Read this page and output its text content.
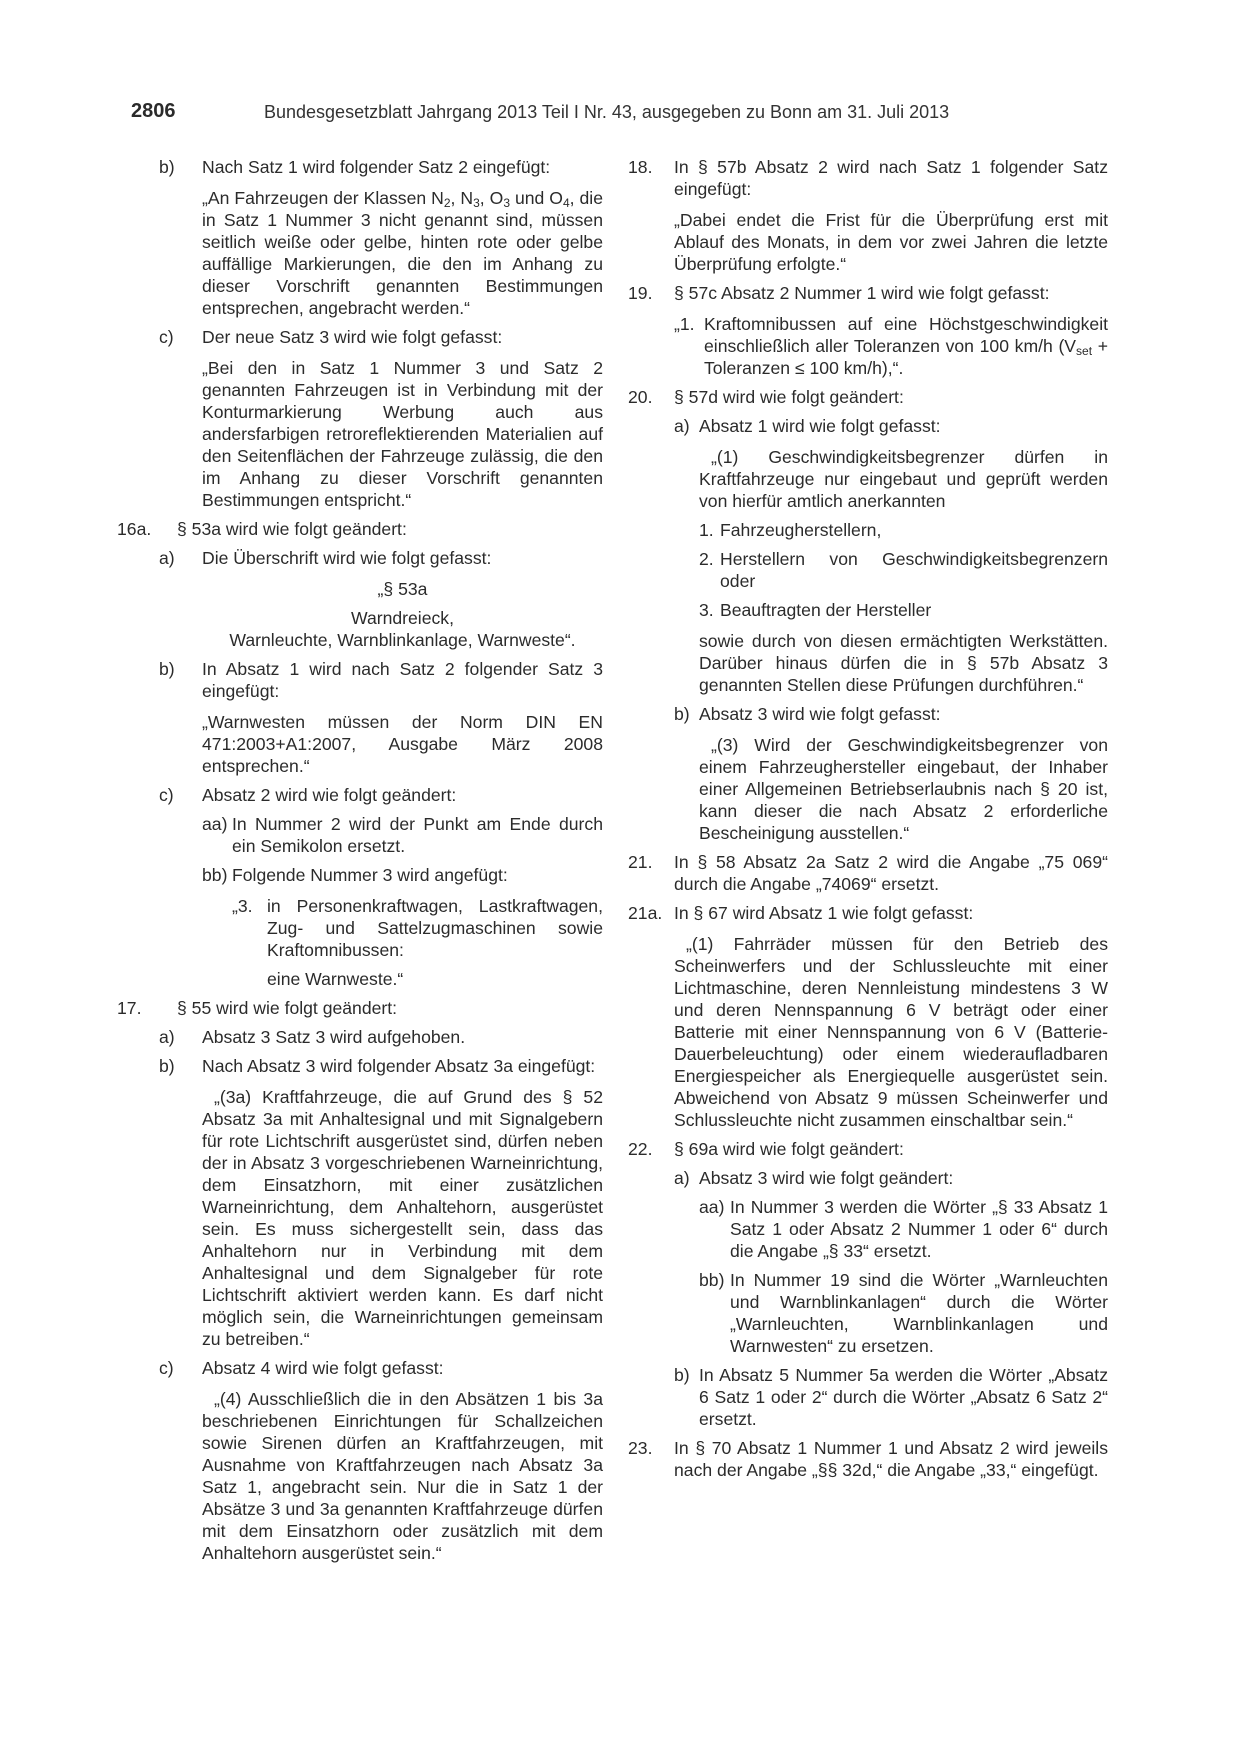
2806	Bundesgesetzblatt Jahrgang 2013 Teil I Nr. 43, ausgegeben zu Bonn am 31. Juli 2013
b) Nach Satz 1 wird folgender Satz 2 eingefügt:

„An Fahrzeugen der Klassen $N_2$, $N_3$, $O_3$ und $O_4$, die in Satz 1 Nummer 3 nicht genannt sind, müssen seitlich weiße oder gelbe, hinten rote oder gelbe auffällige Markierungen, die den im Anhang zu dieser Vorschrift genannten Bestimmungen entsprechen, angebracht werden.“

c) Der neue Satz 3 wird wie folgt gefasst:

„Bei den in Satz 1 Nummer 3 und Satz 2 genannten Fahrzeugen ist in Verbindung mit der Konturmarkierung Werbung auch aus andersfarbigen retroreflektierenden Materialien auf den Seitenflächen der Fahrzeuge zulässig, die den im Anhang zu dieser Vorschrift genannten Bestimmungen entspricht.“

16a. § 53a wird wie folgt geändert:

a) Die Überschrift wird wie folgt gefasst:

„§ 53a

Warndreieck,

Warnleuchte, Warnblinkanlage, Warnweste“.

b) In Absatz 1 wird nach Satz 2 folgender Satz 3 eingefügt:

„Warnwesten müssen der Norm DIN EN 471:2003+A1:2007, Ausgabe März 2008 entsprechen.“

c) Absatz 2 wird wie folgt geändert:

aa) In Nummer 2 wird der Punkt am Ende durch ein Semikolon ersetzt.

bb) Folgende Nummer 3 wird angefügt:

„3. in Personenkraftwagen, Lastkraftwagen, Zug- und Sattelzugmaschinen sowie Kraftomnibussen:

eine Warnweste.“

17. § 55 wird wie folgt geändert:

a) Absatz 3 Satz 3 wird aufgehoben.

b) Nach Absatz 3 wird folgender Absatz 3a eingefügt:

„(3a) Kraftfahrzeuge, die auf Grund des § 52 Absatz 3a mit Anhaltesignal und mit Signalgebern für rote Lichtschrift ausgerüstet sind, dürfen neben der in Absatz 3 vorgeschriebenen Warneinrichtung, dem Einsatzhorn, mit einer zusätzlichen Warneinrichtung, dem Anhaltehorn, ausgerüstet sein. Es muss sichergestellt sein, dass das Anhaltehorn nur in Verbindung mit dem Anhaltesignal und dem Signalgeber für rote Lichtschrift aktiviert werden kann. Es darf nicht möglich sein, die Warneinrichtungen gemeinsam zu betreiben.“

c) Absatz 4 wird wie folgt gefasst:

„(4) Ausschließlich die in den Absätzen 1 bis 3a beschriebenen Einrichtungen für Schallzeichen sowie Sirenen dürfen an Kraftfahrzeugen, mit Ausnahme von Kraftfahrzeugen nach Absatz 3a Satz 1, angebracht sein. Nur die in Satz 1 der Absätze 3 und 3a genannten Kraftfahrzeuge dürfen mit dem Einsatzhorn oder zusätzlich mit dem Anhaltehorn ausgerüstet sein.“

18. In § 57b Absatz 2 wird nach Satz 1 folgender Satz eingefügt:

„Dabei endet die Frist für die Überprüfung erst mit Ablauf des Monats, in dem vor zwei Jahren die letzte Überprüfung erfolgte.“

19. § 57c Absatz 2 Nummer 1 wird wie folgt gefasst:

„1. Kraftomnibussen auf eine Höchstgeschwindigkeit einschließlich aller Toleranzen von 100 km/h ($V_{set}$ + Toleranzen ≤ 100 km/h),“.

20. § 57d wird wie folgt geändert:

a) Absatz 1 wird wie folgt gefasst:

„(1) Geschwindigkeitsbegrenzer dürfen in Kraftfahrzeuge nur eingebaut und geprüft werden von hierfür amtlich anerkannten

1. Fahrzeugherstellern,

2. Herstellern von Geschwindigkeitsbegrenzern oder

3. Beauftragten der Hersteller

sowie durch von diesen ermächtigten Werkstätten. Darüber hinaus dürfen die in § 57b Absatz 3 genannten Stellen diese Prüfungen durchführen.“

b) Absatz 3 wird wie folgt gefasst:

„(3) Wird der Geschwindigkeitsbegrenzer von einem Fahrzeughersteller eingebaut, der Inhaber einer Allgemeinen Betriebserlaubnis nach § 20 ist, kann dieser die nach Absatz 2 erforderliche Bescheinigung ausstellen.“

21. In § 58 Absatz 2a Satz 2 wird die Angabe „75 069“ durch die Angabe „74069“ ersetzt.

21a. In § 67 wird Absatz 1 wie folgt gefasst:

„(1) Fahrräder müssen für den Betrieb des Scheinwerfers und der Schlussleuchte mit einer Lichtmaschine, deren Nennleistung mindestens 3 W und deren Nennspannung 6 V beträgt oder einer Batterie mit einer Nennspannung von 6 V (Batterie-Dauerbeleuchtung) oder einem wiederaufladbaren Energiespeicher als Energiequelle ausgerüstet sein. Abweichend von Absatz 9 müssen Scheinwerfer und Schlussleuchte nicht zusammen einschaltbar sein.“

22. § 69a wird wie folgt geändert:

a) Absatz 3 wird wie folgt geändert:

aa) In Nummer 3 werden die Wörter „§ 33 Absatz 1 Satz 1 oder Absatz 2 Nummer 1 oder 6“ durch die Angabe „§ 33“ ersetzt.

bb) In Nummer 19 sind die Wörter „Warnleuchten und Warnblinkanlagen“ durch die Wörter „Warnleuchten, Warnblinkanlagen und Warnwesten“ zu ersetzen.

b) In Absatz 5 Nummer 5a werden die Wörter „Absatz 6 Satz 1 oder 2“ durch die Wörter „Absatz 6 Satz 2“ ersetzt.

23. In § 70 Absatz 1 Nummer 1 und Absatz 2 wird jeweils nach der Angabe „§§ 32d,“ die Angabe „33,“ eingefügt.
